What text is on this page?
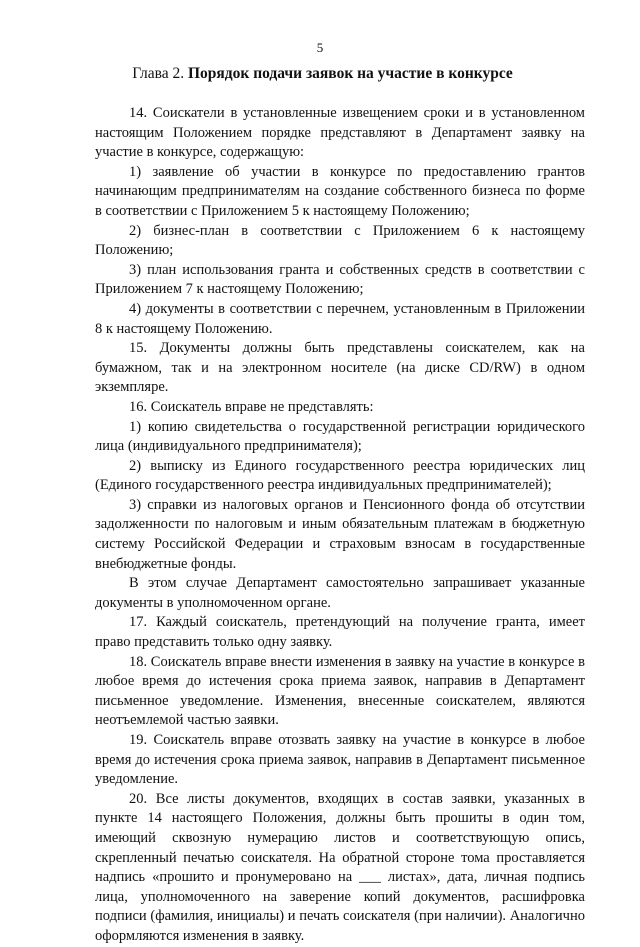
5
Глава 2. Порядок подачи заявок на участие в конкурсе

14. Соискатели в установленные извещением сроки и в установленном настоящим Положением порядке представляют в Департамент заявку на участие в конкурсе, содержащую:

1) заявление об участии в конкурсе по предоставлению грантов начинающим предпринимателям на создание собственного бизнеса по форме в соответствии с Приложением 5 к настоящему Положению;

2) бизнес-план в соответствии с Приложением 6 к настоящему Положению;

3) план использования гранта и собственных средств в соответствии с Приложением 7 к настоящему Положению;

4) документы в соответствии с перечнем, установленным в Приложении 8 к настоящему Положению.

15. Документы должны быть представлены соискателем, как на бумажном, так и на электронном носителе (на диске CD/RW) в одном экземпляре.

16. Соискатель вправе не представлять:

1) копию свидетельства о государственной регистрации юридического лица (индивидуального предпринимателя);

2) выписку из Единого государственного реестра юридических лиц (Единого государственного реестра индивидуальных предпринимателей);

3) справки из налоговых органов и Пенсионного фонда об отсутствии задолженности по налоговым и иным обязательным платежам в бюджетную систему Российской Федерации и страховым взносам в государственные внебюджетные фонды.

В этом случае Департамент самостоятельно запрашивает указанные документы в уполномоченном органе.

17. Каждый соискатель, претендующий на получение гранта, имеет право представить только одну заявку.

18. Соискатель вправе внести изменения в заявку на участие в конкурсе в любое время до истечения срока приема заявок, направив в Департамент письменное уведомление. Изменения, внесенные соискателем, являются неотъемлемой частью заявки.

19. Соискатель вправе отозвать заявку на участие в конкурсе в любое время до истечения срока приема заявок, направив в Департамент письменное уведомление.

20. Все листы документов, входящих в состав заявки, указанных в пункте 14 настоящего Положения, должны быть прошиты в один том, имеющий сквозную нумерацию листов и соответствующую опись, скрепленный печатью соискателя. На обратной стороне тома проставляется надпись «прошито и пронумеровано на ___ листах», дата, личная подпись лица, уполномоченного на заверение копий документов, расшифровка подписи (фамилия, инициалы) и печать соискателя (при наличии). Аналогично оформляются изменения в заявку.
